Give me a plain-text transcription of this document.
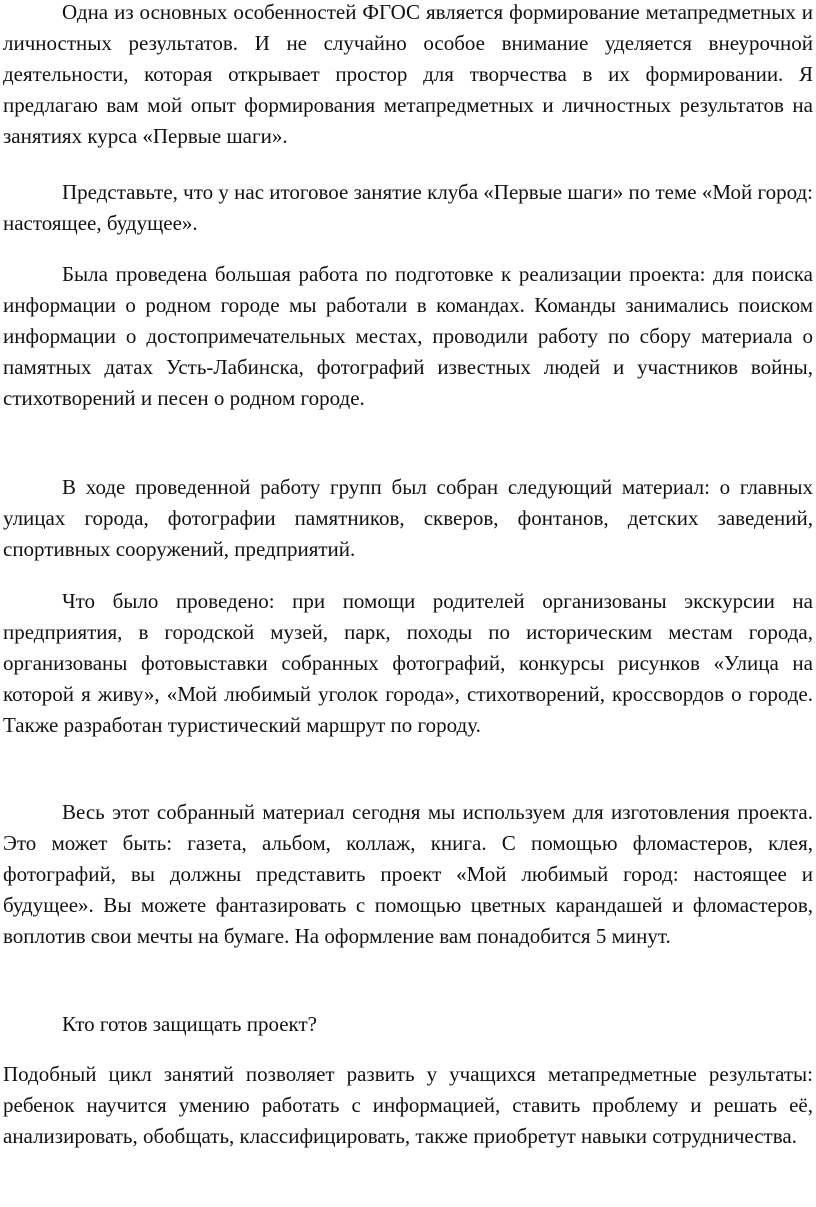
Одна из основных особенностей ФГОС является формирование метапредметных и личностных результатов. И не случайно особое внимание уделяется внеурочной деятельности, которая открывает простор для творчества в их формировании. Я предлагаю вам мой опыт формирования метапредметных и личностных результатов на занятиях курса «Первые шаги».

Представьте, что у нас итоговое занятие клуба «Первые шаги» по теме «Мой город: настоящее, будущее».

Была проведена большая работа по подготовке к реализации проекта: для поиска информации о родном городе мы работали в командах. Команды занимались поиском информации о достопримечательных местах, проводили работу по сбору материала о памятных датах Усть-Лабинска, фотографий известных людей и участников войны, стихотворений и песен о родном городе.

В ходе проведенной работу групп был собран следующий материал: о главных улицах города, фотографии памятников, скверов, фонтанов, детских заведений, спортивных сооружений, предприятий.

Что было проведено: при помощи родителей организованы экскурсии на предприятия, в городской музей, парк, походы по историческим местам города, организованы фотовыставки собранных фотографий, конкурсы рисунков «Улица на которой я живу», «Мой любимый уголок города», стихотворений, кроссвордов о городе. Также разработан туристический маршрут по городу.

Весь этот собранный материал сегодня мы используем для изготовления проекта. Это может быть: газета, альбом, коллаж, книга. С помощью фломастеров, клея, фотографий, вы должны представить проект «Мой любимый город: настоящее и будущее». Вы можете фантазировать с помощью цветных карандашей и фломастеров, воплотив свои мечты на бумаге. На оформление вам понадобится 5 минут.

Кто готов защищать проект?

Подобный цикл занятий позволяет развить у учащихся метапредметные результаты: ребенок научится умению работать с информацией, ставить проблему и решать её, анализировать, обобщать, классифицировать, также приобретут навыки сотрудничества.
